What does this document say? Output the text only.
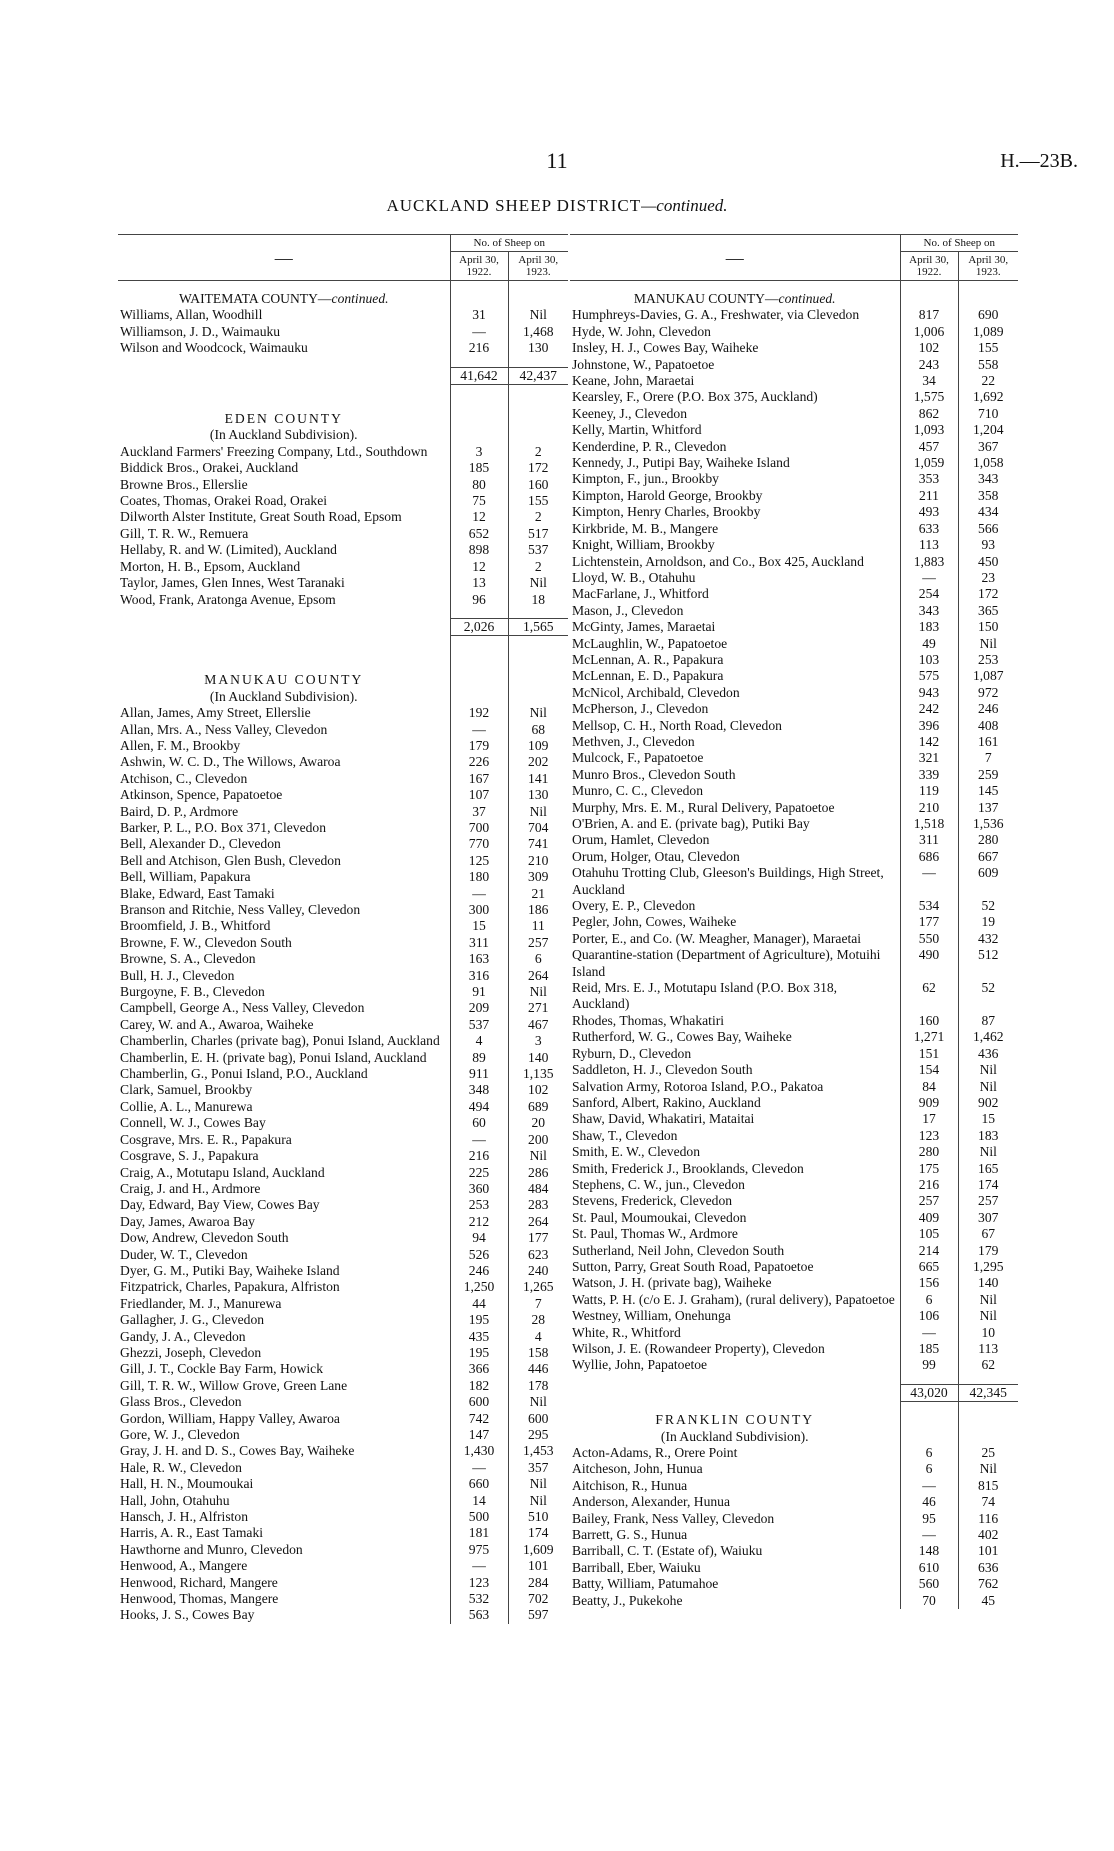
11	H.—23B.
AUCKLAND SHEEP DISTRICT—continued.
—	No. of Sheep on	
	April 30, 1922.	April 30, 1923.

WAITEMATA COUNTY—continued.		
Williams, Allan, Woodhill	31	Nil
Williamson, J. D., Waimauku	—	1,468
Wilson and Woodcock, Waimauku	216	130

	41,642	42,437

EDEN COUNTY		
(In Auckland Subdivision).		
Auckland Farmers' Freezing Company, Ltd., Southdown	3	2
Biddick Bros., Orakei, Auckland	185	172
Browne Bros., Ellerslie	80	160
Coates, Thomas, Orakei Road, Orakei	75	155
Dilworth Alster Institute, Great South Road, Epsom	12	2
Gill, T. R. W., Remuera	652	517
Hellaby, R. and W. (Limited), Auckland	898	537
Morton, H. B., Epsom, Auckland	12	2
Taylor, James, Glen Innes, West Taranaki	13	Nil
Wood, Frank, Aratonga Avenue, Epsom	96	18

	2,026	1,565

MANUKAU COUNTY		
(In Auckland Subdivision).		
Allan, James, Amy Street, Ellerslie	192	Nil
Allan, Mrs. A., Ness Valley, Clevedon	—	68
Allen, F. M., Brookby	179	109
Ashwin, W. C. D., The Willows, Awaroa	226	202
Atchison, C., Clevedon	167	141
Atkinson, Spence, Papatoetoe	107	130
Baird, D. P., Ardmore	37	Nil
Barker, P. L., P.O. Box 371, Clevedon	700	704
Bell, Alexander D., Clevedon	770	741
Bell and Atchison, Glen Bush, Clevedon	125	210
Bell, William, Papakura	180	309
Blake, Edward, East Tamaki	—	21
Branson and Ritchie, Ness Valley, Clevedon	300	186
Broomfield, J. B., Whitford	15	11
Browne, F. W., Clevedon South	311	257
Browne, S. A., Clevedon	163	6
Bull, H. J., Clevedon	316	264
Burgoyne, F. B., Clevedon	91	Nil
Campbell, George A., Ness Valley, Clevedon	209	271
Carey, W. and A., Awaroa, Waiheke	537	467
Chamberlin, Charles (private bag), Ponui Island, Auckland	4	3
Chamberlin, E. H. (private bag), Ponui Island, Auckland	89	140
Chamberlin, G., Ponui Island, P.O., Auckland	911	1,135
Clark, Samuel, Brookby	348	102
Collie, A. L., Manurewa	494	689
Connell, W. J., Cowes Bay	60	20
Cosgrave, Mrs. E. R., Papakura	—	200
Cosgrave, S. J., Papakura	216	Nil
Craig, A., Motutapu Island, Auckland	225	286
Craig, J. and H., Ardmore	360	484
Day, Edward, Bay View, Cowes Bay	253	283
Day, James, Awaroa Bay	212	264
Dow, Andrew, Clevedon South	94	177
Duder, W. T., Clevedon	526	623
Dyer, G. M., Putiki Bay, Waiheke Island	246	240
Fitzpatrick, Charles, Papakura, Alfriston	1,250	1,265
Friedlander, M. J., Manurewa	44	7
Gallagher, J. G., Clevedon	195	28
Gandy, J. A., Clevedon	435	4
Ghezzi, Joseph, Clevedon	195	158
Gill, J. T., Cockle Bay Farm, Howick	366	446
Gill, T. R. W., Willow Grove, Green Lane	182	178
Glass Bros., Clevedon	600	Nil
Gordon, William, Happy Valley, Awaroa	742	600
Gore, W. J., Clevedon	147	295
Gray, J. H. and D. S., Cowes Bay, Waiheke	1,430	1,453
Hale, R. W., Clevedon	—	357
Hall, H. N., Moumoukai	660	Nil
Hall, John, Otahuhu	14	Nil
Hansch, J. H., Alfriston	500	510
Harris, A. R., East Tamaki	181	174
Hawthorne and Munro, Clevedon	975	1,609
Henwood, A., Mangere	—	101
Henwood, Richard, Mangere	123	284
Henwood, Thomas, Mangere	532	702
Hooks, J. S., Cowes Bay	563	597
—	No. of Sheep on	
	April 30, 1922.	April 30, 1923.

MANUKAU COUNTY—continued.		
Humphreys-Davies, G. A., Freshwater, via Clevedon	817	690
Hyde, W. John, Clevedon	1,006	1,089
Insley, H. J., Cowes Bay, Waiheke	102	155
Johnstone, W., Papatoetoe	243	558
Keane, John, Maraetai	34	22
Kearsley, F., Orere (P.O. Box 375, Auckland)	1,575	1,692
Keeney, J., Clevedon	862	710
Kelly, Martin, Whitford	1,093	1,204
Kenderdine, P. R., Clevedon	457	367
Kennedy, J., Putipi Bay, Waiheke Island	1,059	1,058
Kimpton, F., jun., Brookby	353	343
Kimpton, Harold George, Brookby	211	358
Kimpton, Henry Charles, Brookby	493	434
Kirkbride, M. B., Mangere	633	566
Knight, William, Brookby	113	93
Lichtenstein, Arnoldson, and Co., Box 425, Auckland	1,883	450
Lloyd, W. B., Otahuhu	—	23
MacFarlane, J., Whitford	254	172
Mason, J., Clevedon	343	365
McGinty, James, Maraetai	183	150
McLaughlin, W., Papatoetoe	49	Nil
McLennan, A. R., Papakura	103	253
McLennan, E. D., Papakura	575	1,087
McNicol, Archibald, Clevedon	943	972
McPherson, J., Clevedon	242	246
Mellsop, C. H., North Road, Clevedon	396	408
Methven, J., Clevedon	142	161
Mulcock, F., Papatoetoe	321	7
Munro Bros., Clevedon South	339	259
Munro, C. C., Clevedon	119	145
Murphy, Mrs. E. M., Rural Delivery, Papatoetoe	210	137
O'Brien, A. and E. (private bag), Putiki Bay	1,518	1,536
Orum, Hamlet, Clevedon	311	280
Orum, Holger, Otau, Clevedon	686	667
Otahuhu Trotting Club, Gleeson's Buildings, High Street, Auckland	—	609
Overy, E. P., Clevedon	534	52
Pegler, John, Cowes, Waiheke	177	19
Porter, E., and Co. (W. Meagher, Manager), Maraetai	550	432
Quarantine-station (Department of Agriculture), Motuihi Island	490	512
Reid, Mrs. E. J., Motutapu Island (P.O. Box 318, Auckland)	62	52
Rhodes, Thomas, Whakatiri	160	87
Rutherford, W. G., Cowes Bay, Waiheke	1,271	1,462
Ryburn, D., Clevedon	151	436
Saddleton, H. J., Clevedon South	154	Nil
Salvation Army, Rotoroa Island, P.O., Pakatoa	84	Nil
Sanford, Albert, Rakino, Auckland	909	902
Shaw, David, Whakatiri, Mataitai	17	15
Shaw, T., Clevedon	123	183
Smith, E. W., Clevedon	280	Nil
Smith, Frederick J., Brooklands, Clevedon	175	165
Stephens, C. W., jun., Clevedon	216	174
Stevens, Frederick, Clevedon	257	257
St. Paul, Moumoukai, Clevedon	409	307
St. Paul, Thomas W., Ardmore	105	67
Sutherland, Neil John, Clevedon South	214	179
Sutton, Parry, Great South Road, Papatoetoe	665	1,295
Watson, J. H. (private bag), Waiheke	156	140
Watts, P. H. (c/o E. J. Graham), (rural delivery), Papatoetoe	6	Nil
Westney, William, Onehunga	106	Nil
White, R., Whitford	—	10
Wilson, J. E. (Rowandeer Property), Clevedon	185	113
Wyllie, John, Papatoetoe	99	62

	43,020	42,345

FRANKLIN COUNTY		
(In Auckland Subdivision).		
Acton-Adams, R., Orere Point	6	25
Aitcheson, John, Hunua	6	Nil
Aitchison, R., Hunua	—	815
Anderson, Alexander, Hunua	46	74
Bailey, Frank, Ness Valley, Clevedon	95	116
Barrett, G. S., Hunua	—	402
Barriball, C. T. (Estate of), Waiuku	148	101
Barriball, Eber, Waiuku	610	636
Batty, William, Patumahoe	560	762
Beatty, J., Pukekohe	70	45
